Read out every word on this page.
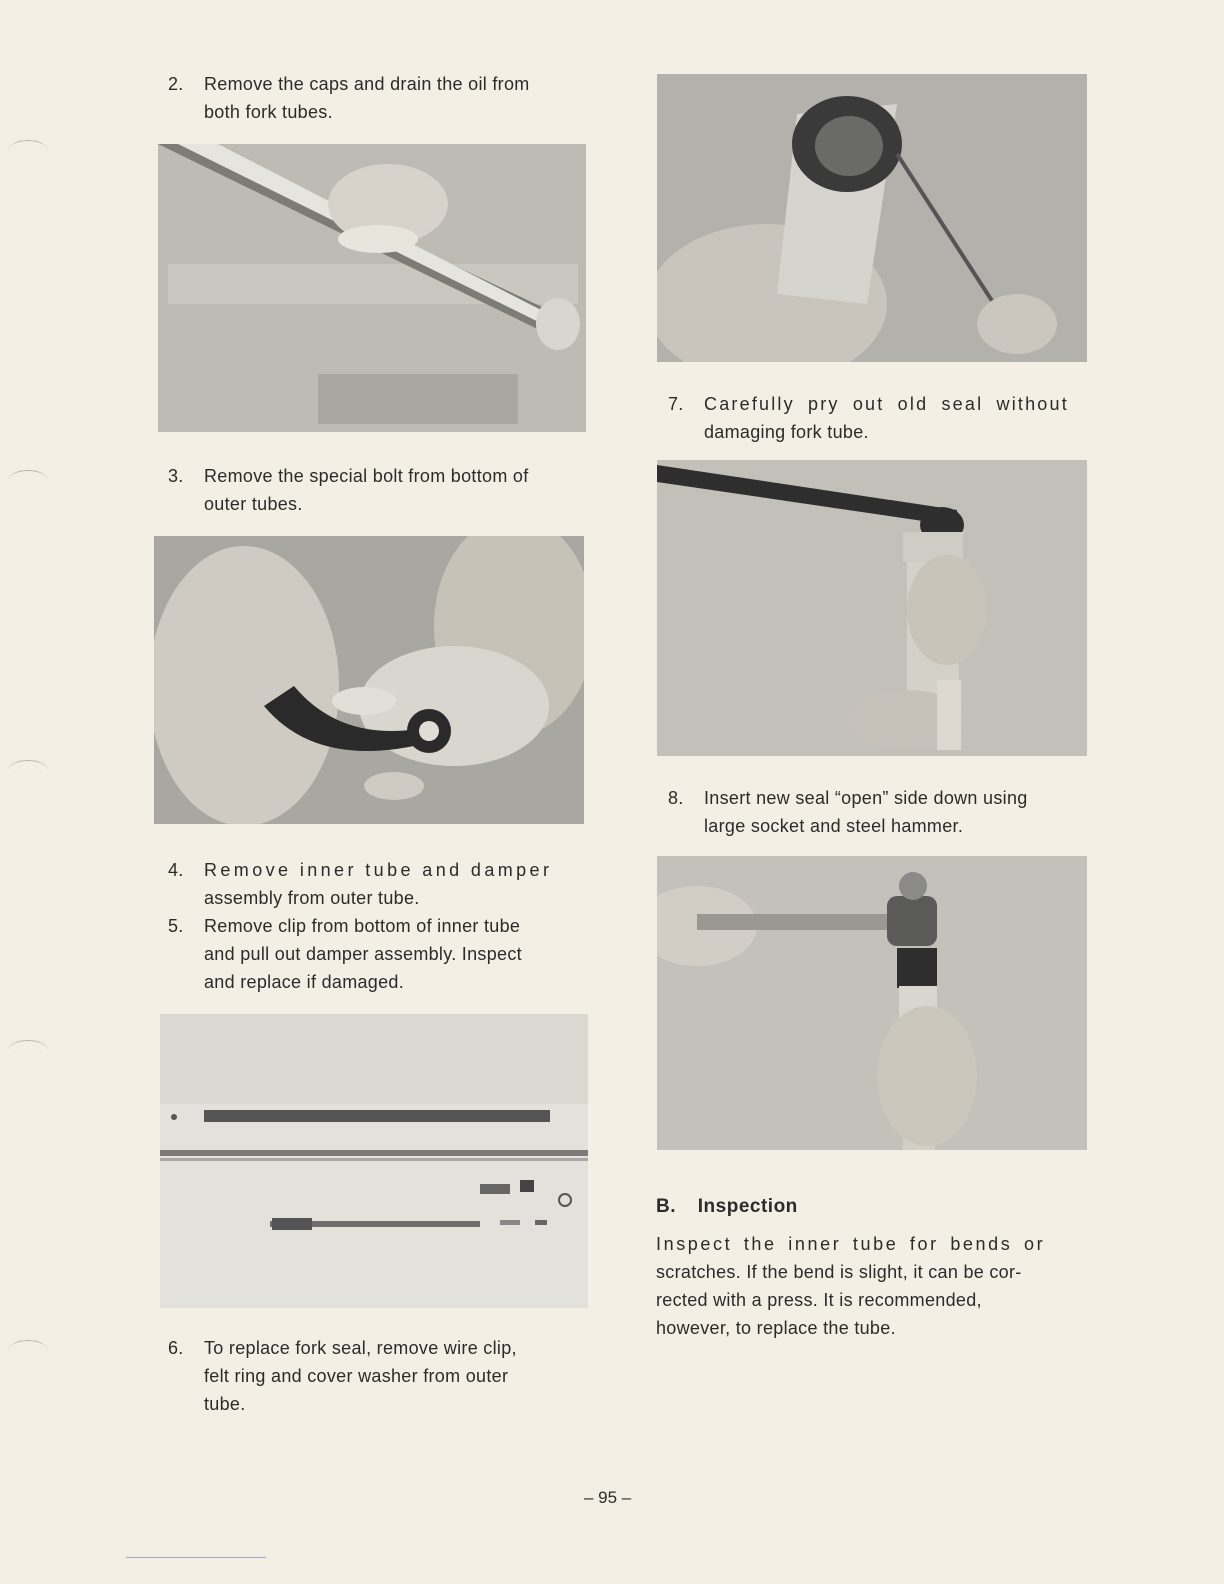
2. Remove the caps and drain the oil from
both fork tubes.
3. Remove the special bolt from bottom of
outer tubes.
4. Remove inner tube and damper
assembly from outer tube.
5. Remove clip from bottom of inner tube
and pull out damper assembly. Inspect
and replace if damaged.
6. To replace fork seal, remove wire clip,
felt ring and cover washer from outer
tube.
7. Carefully pry out old seal without
damaging fork tube.
8. Insert new seal “open” side down using
large socket and steel hammer.
B. Inspection
Inspect the inner tube for bends or
scratches. If the bend is slight, it can be cor-
rected with a press. It is recommended,
however, to replace the tube.
– 95 –
